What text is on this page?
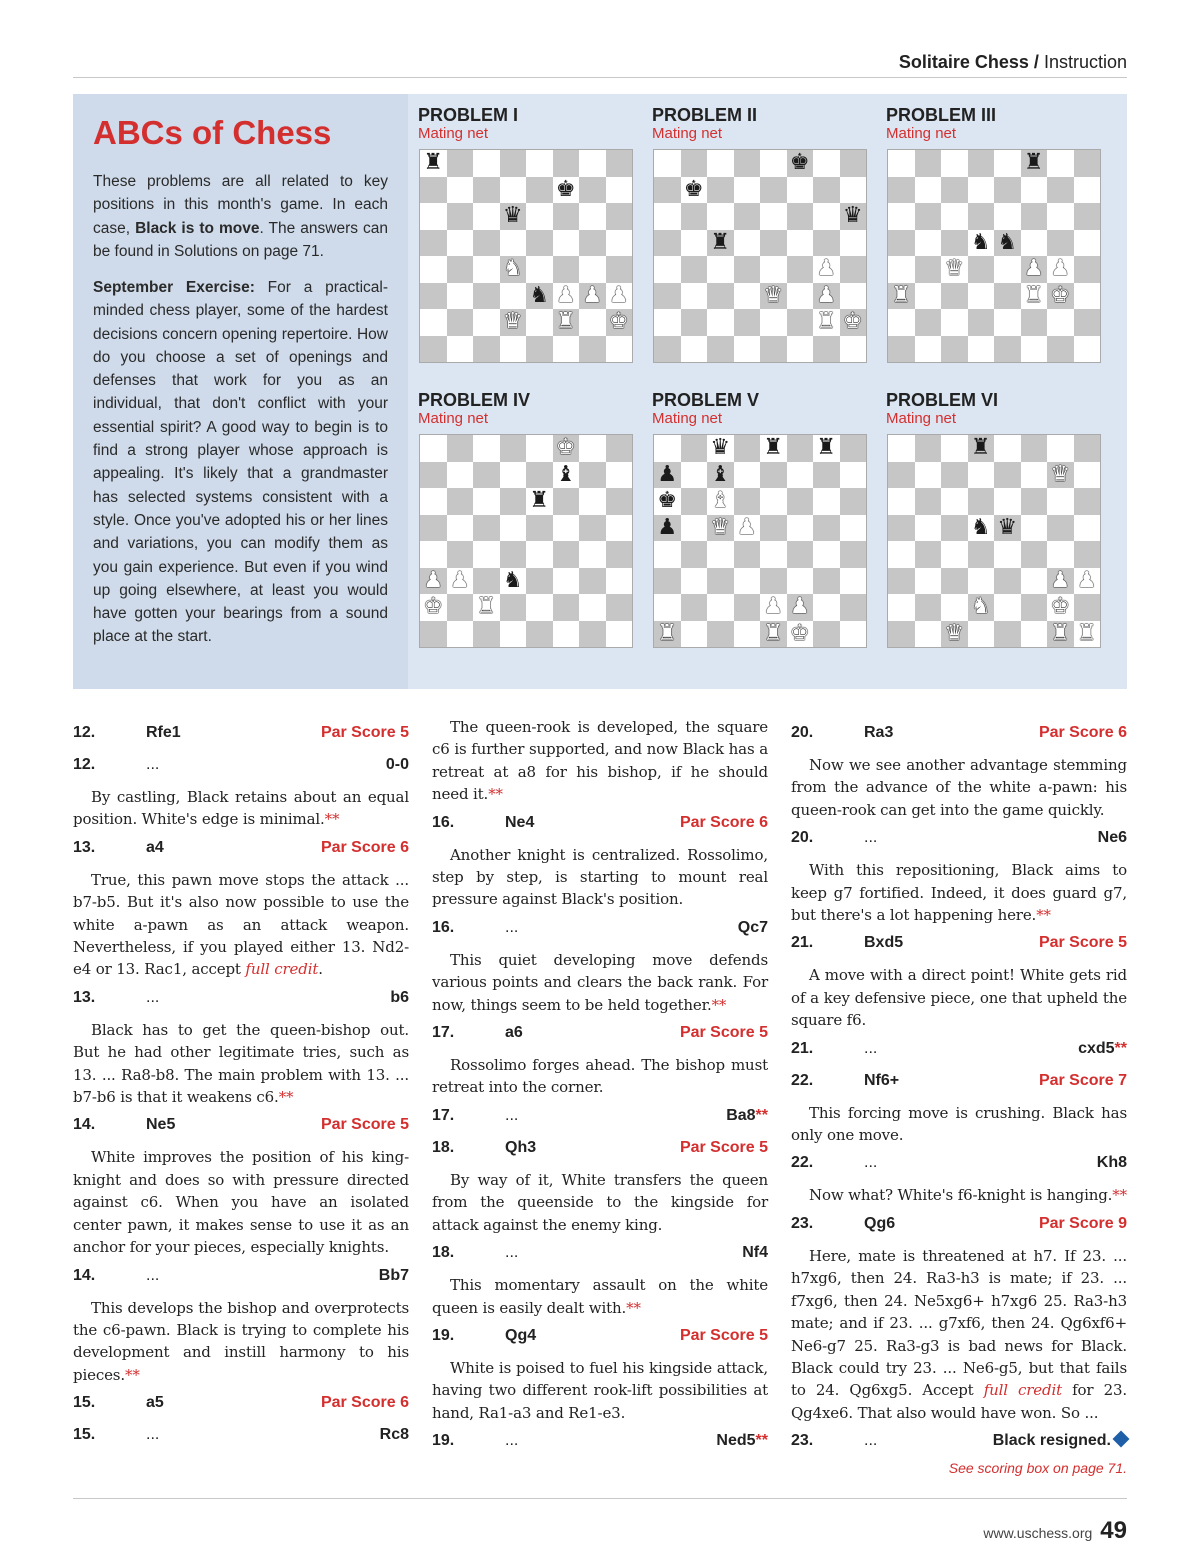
Solitaire Chess / Instruction
ABCs of Chess
These problems are all related to key positions in this month's game. In each case, Black is to move. The answers can be found in Solutions on page 71.
September Exercise: For a practical-minded chess player, some of the hardest decisions concern opening repertoire. How do you choose a set of openings and defenses that work for you as an individual, that don't conflict with your essential spirit? A good way to begin is to find a strong player whose approach is appealing. It's likely that a grandmaster has selected systems consistent with a style. Once you've adopted his or her lines and variations, you can modify them as you gain experience. But even if you wind up going elsewhere, at least you would have gotten your bearings from a sound place at the start.
PROBLEM I
Mating net
♜
♚
♛
♞
♞ ♟ ♟ ♟
♛ ♜ ♚
PROBLEM II
Mating net
♚
♚
♛
♜
♟
♛ ♟
♜ ♚
PROBLEM III
Mating net
♜
♞ ♞
♛	♟ ♟
♜	♜ ♚
PROBLEM IV
Mating net
♚
♝
♜
♟ ♟ ♞
♚ ♜
PROBLEM V
Mating net
♛ ♜ ♜
♟ ♝
♚ ♝
♟ ♛ ♟
♟ ♟
♜	♜ ♚
PROBLEM VI
Mating net
♜
♛
♞ ♛
♟ ♟
♞	♚
♛	♜ ♜
12.	Rfe1	Par Score 5
12.	...	0-0
By castling, Black retains about an equal position. White's edge is minimal.**
13.	a4	Par Score 6
True, this pawn move stops the attack ... b7-b5. But it's also now possible to use the white a-pawn as an attack weapon. Nevertheless, if you played either 13. Nd2-e4 or 13. Rac1, accept full credit.
13.	...	b6
Black has to get the queen-bishop out. But he had other legitimate tries, such as 13. ... Ra8-b8. The main problem with 13. ... b7-b6 is that it weakens c6.**
14.	Ne5	Par Score 5
White improves the position of his king-knight and does so with pressure directed against c6. When you have an isolated center pawn, it makes sense to use it as an anchor for your pieces, especially knights.
14.	...	Bb7
This develops the bishop and overprotects the c6-pawn. Black is trying to complete his development and instill harmony to his pieces.**
15.	a5	Par Score 6
15.	...	Rc8
The queen-rook is developed, the square c6 is further supported, and now Black has a retreat at a8 for his bishop, if he should need it.**
16.	Ne4	Par Score 6
Another knight is centralized. Rossolimo, step by step, is starting to mount real pressure against Black's position.
16.	...	Qc7
This quiet developing move defends various points and clears the back rank. For now, things seem to be held together.**
17.	a6	Par Score 5
Rossolimo forges ahead. The bishop must retreat into the corner.
17.	...	Ba8**
18.	Qh3	Par Score 5
By way of it, White transfers the queen from the queenside to the kingside for attack against the enemy king.
18.	...	Nf4
This momentary assault on the white queen is easily dealt with.**
19.	Qg4	Par Score 5
White is poised to fuel his kingside attack, having two different rook-lift possibilities at hand, Ra1-a3 and Re1-e3.
19.	...	Ned5**
20.	Ra3	Par Score 6
Now we see another advantage stemming from the advance of the white a-pawn: his queen-rook can get into the game quickly.
20.	...	Ne6
With this repositioning, Black aims to keep g7 fortified. Indeed, it does guard g7, but there's a lot happening here.**
21.	Bxd5	Par Score 5
A move with a direct point! White gets rid of a key defensive piece, one that upheld the square f6.
21.	...	cxd5**
22.	Nf6+	Par Score 7
This forcing move is crushing. Black has only one move.
22.	...	Kh8
Now what? White's f6-knight is hanging.**
23.	Qg6	Par Score 9
Here, mate is threatened at h7. If 23. ... h7xg6, then 24. Ra3-h3 is mate; if 23. ... f7xg6, then 24. Ne5xg6+ h7xg6 25. Ra3-h3 mate; and if 23. ... g7xf6, then 24. Qg6xf6+ Ne6-g7 25. Ra3-g3 is bad news for Black. Black could try 23. ... Ne6-g5, but that fails to 24. Qg6xg5. Accept full credit for 23. Qg4xe6. That also would have won. So ...
23.	...	Black resigned.
See scoring box on page 71.
www.uschess.org 49
